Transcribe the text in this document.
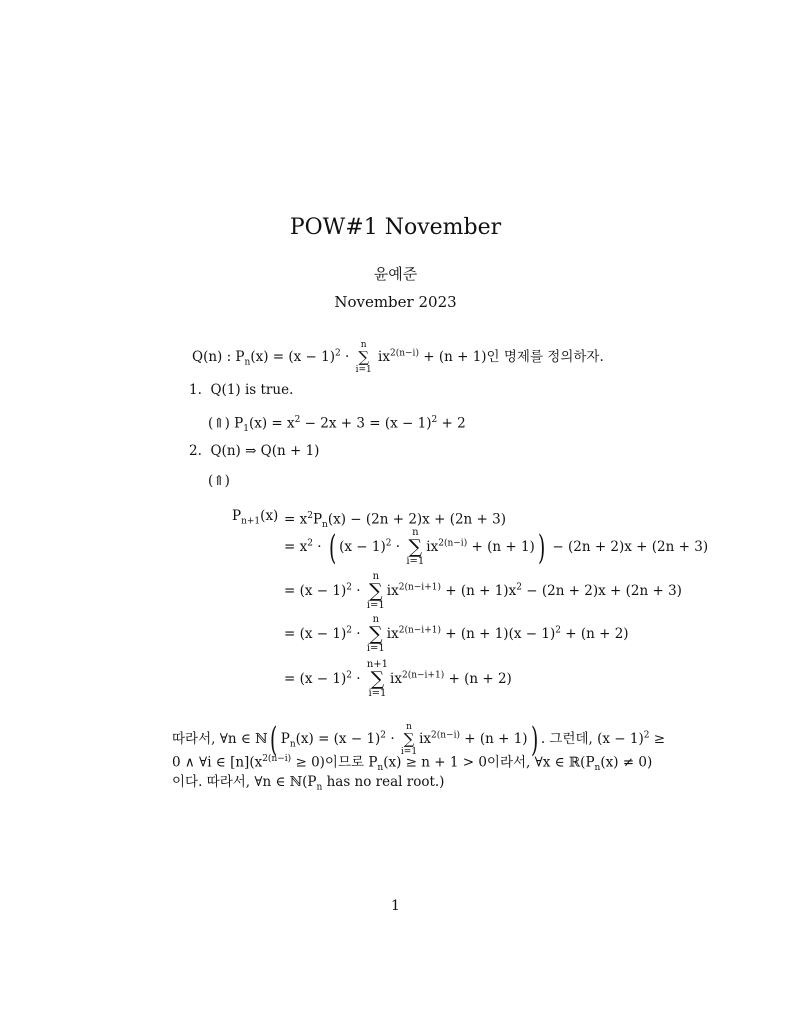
POW#1 November
윤예준
November 2023
Q(n) : $P_n(x) = (x - 1)^2$ ·
n
∑
i=1
$ix^{2(n-i)} + (n + 1)$인 명제를 정의하자.
1. Q(1) is true.
(⇑) $P_1(x) = x^2 - 2x + 3 = (x - 1)^2 + 2$
2. Q(n) ⇒ Q(n + 1)
(⇑)
$P_{n+1}(x) = x^2P_n(x) - (2n + 2)x + (2n + 3)$
= $x^2$ · ( $(x - 1)^2$ ·
n
∑
i=1
$ix^{2(n-i)} + (n + 1)) - (2n + 2)x + (2n + 3)$
= $(x - 1)^2$ ·
n
∑
i=1
$ix^{2(n-i+1)} + (n + 1)x^2 - (2n + 2)x + (2n + 3)$
= $(x - 1)^2$ ·
n
∑
i=1
$ix^{2(n-i+1)} + (n + 1)(x - 1)^2 + (n + 2)$
= $(x - 1)^2$ ·
n+1
∑
i=1
$ix^{2(n-i+1)} + (n + 2)$
따라서, ∀n ∈ ℕ( $P_n(x) = (x - 1)^2$ ·
n
∑
i=1
$ix^{2(n-i)} + (n + 1)$) . 그런데, $(x - 1)^2$ ≥
0 ∧ ∀i ∈ $[n](x^{2(n-i)} \ge 0)$이므로 $P_n(x) \ge n + 1 > 0$이라서, ∀x ∈ $ℝ(P_n(x) \ne 0)$
이다. 따라서, ∀n ∈ $ℕ(P_n$ has no real root.)
1
